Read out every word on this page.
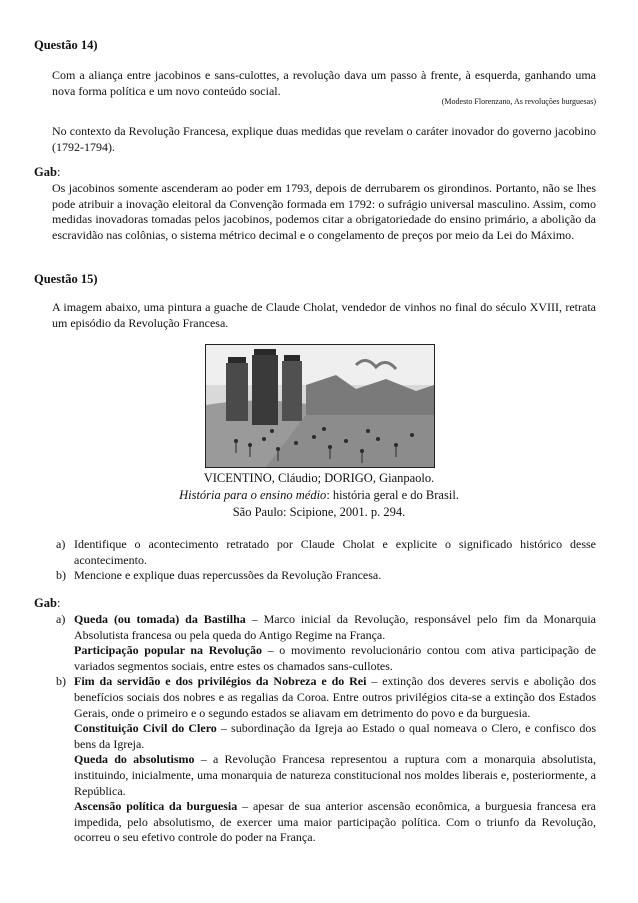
Questão 14)

Com a aliança entre jacobinos e sans-culottes, a revolução dava um passo à frente, à esquerda, ganhando uma nova forma política e um novo conteúdo social.

(Modesto Florenzano, As revoluções burguesas)

No contexto da Revolução Francesa, explique duas medidas que revelam o caráter inovador do governo jacobino (1792-1794).

Gab:

Os jacobinos somente ascenderam ao poder em 1793, depois de derrubarem os girondinos. Portanto, não se lhes pode atribuir a inovação eleitoral da Convenção formada em 1792: o sufrágio universal masculino. Assim, como medidas inovadoras tomadas pelos jacobinos, podemos citar a obrigatoriedade do ensino primário, a abolição da escravidão nas colônias, o sistema métrico decimal e o congelamento de preços por meio da Lei do Máximo.

Questão 15)

A imagem abaixo, uma pintura a guache de Claude Cholat, vendedor de vinhos no final do século XVIII, retrata um episódio da Revolução Francesa.

VICENTINO, Cláudio; DORIGO, Gianpaolo.
História para o ensino médio: história geral e do Brasil.
São Paulo: Scipione, 2001. p. 294.
a) Identifique o acontecimento retratado por Claude Cholat e explicite o significado histórico desse acontecimento.

b) Mencione e explique duas repercussões da Revolução Francesa.

Gab:
a) Queda (ou tomada) da Bastilha – Marco inicial da Revolução, responsável pelo fim da Monarquia Absolutista francesa ou pela queda do Antigo Regime na França.

Participação popular na Revolução – o movimento revolucionário contou com ativa participação de variados segmentos sociais, entre estes os chamados sans-cullotes.

b) Fim da servidão e dos privilégios da Nobreza e do Rei – extinção dos deveres servis e abolição dos benefícios sociais dos nobres e as regalias da Coroa. Entre outros privilégios cita-se a extinção dos Estados Gerais, onde o primeiro e o segundo estados se aliavam em detrimento do povo e da burguesia.

Constituição Civil do Clero – subordinação da Igreja ao Estado o qual nomeava o Clero, e confisco dos bens da Igreja.

Queda do absolutismo – a Revolução Francesa representou a ruptura com a monarquia absolutista, instituindo, inicialmente, uma monarquia de natureza constitucional nos moldes liberais e, posteriormente, a República.

Ascensão política da burguesia – apesar de sua anterior ascensão econômica, a burguesia francesa era impedida, pelo absolutismo, de exercer uma maior participação política. Com o triunfo da Revolução, ocorreu o seu efetivo controle do poder na França.
